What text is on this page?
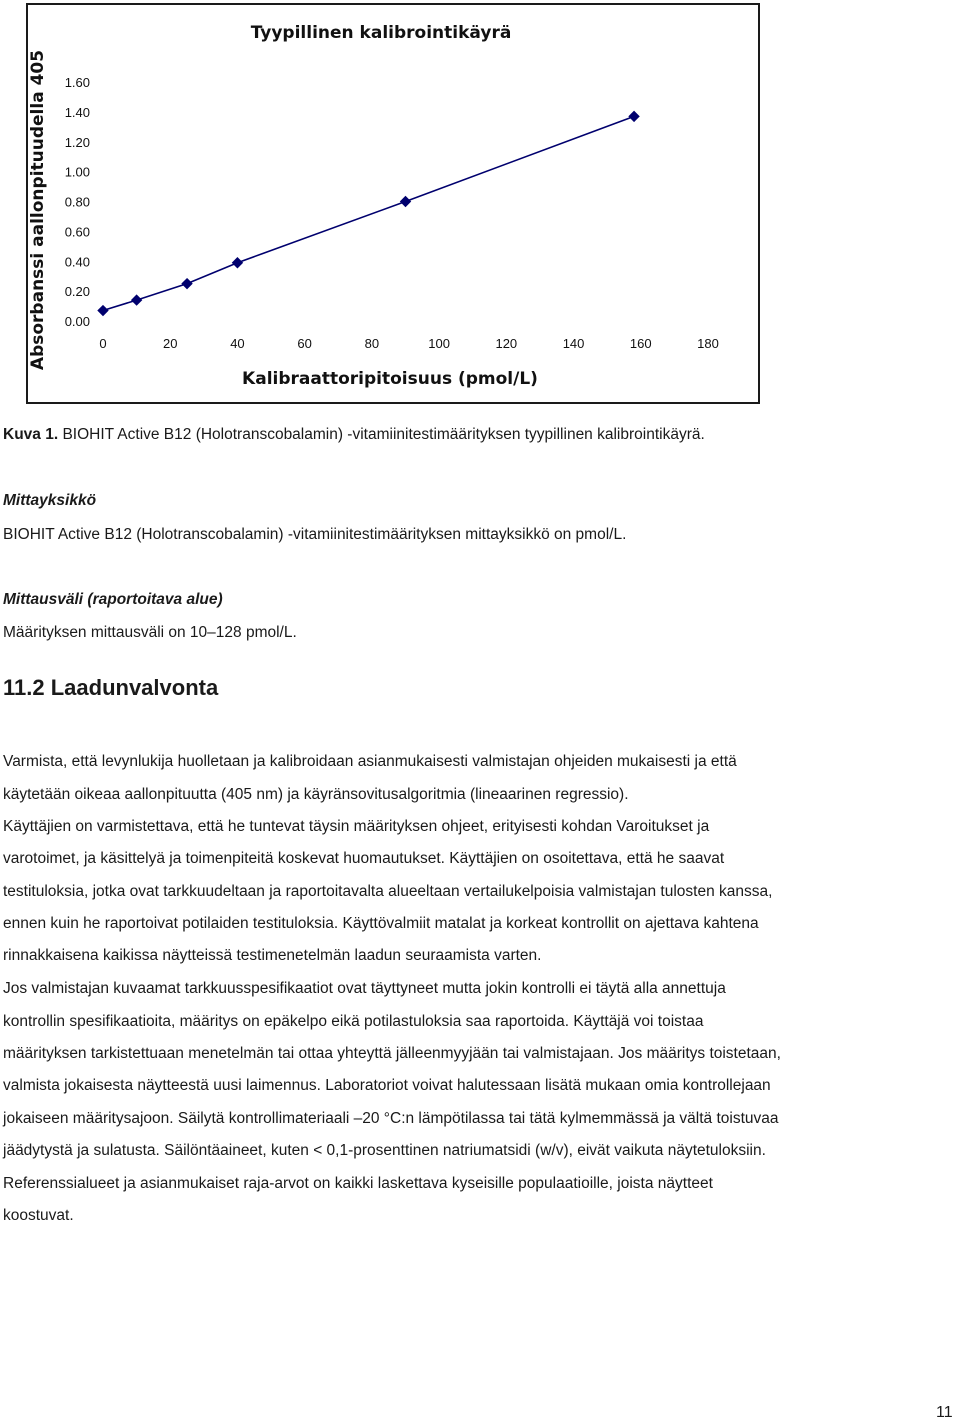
Tyypillinen kalibrointikäyrä
Absorbanssi aallonpituudella 405
Kalibraattoripitoisuus (pmol/L)
0.00
0.20
0.40
0.60
0.80
1.00
1.20
1.40
1.60
0	20	40	60	80	100	120	140	160	180
Kuva 1. BIOHIT Active B12 (Holotranscobalamin) -vitamiinitestimäärityksen tyypillinen kalibrointikäyrä.
Mittayksikkö
BIOHIT Active B12 (Holotranscobalamin) -vitamiinitestimäärityksen mittayksikkö on pmol/L.
Mittausväli (raportoitava alue)
Määrityksen mittausväli on 10–128 pmol/L.
11.2 Laadunvalvonta
Varmista, että levynlukija huolletaan ja kalibroidaan asianmukaisesti valmistajan ohjeiden mukaisesti ja että
käytetään oikeaa aallonpituutta (405 nm) ja käyränsovitusalgoritmia (lineaarinen regressio).
Käyttäjien on varmistettava, että he tuntevat täysin määrityksen ohjeet, erityisesti kohdan Varoitukset ja
varotoimet, ja käsittelyä ja toimenpiteitä koskevat huomautukset. Käyttäjien on osoitettava, että he saavat
testituloksia, jotka ovat tarkkuudeltaan ja raportoitavalta alueeltaan vertailukelpoisia valmistajan tulosten kanssa,
ennen kuin he raportoivat potilaiden testituloksia. Käyttövalmiit matalat ja korkeat kontrollit on ajettava kahtena
rinnakkaisena kaikissa näytteissä testimenetelmän laadun seuraamista varten.
Jos valmistajan kuvaamat tarkkuusspesifikaatiot ovat täyttyneet mutta jokin kontrolli ei täytä alla annettuja
kontrollin spesifikaatioita, määritys on epäkelpo eikä potilastuloksia saa raportoida. Käyttäjä voi toistaa
määrityksen tarkistettuaan menetelmän tai ottaa yhteyttä jälleenmyyjään tai valmistajaan. Jos määritys toistetaan,
valmista jokaisesta näytteestä uusi laimennus. Laboratoriot voivat halutessaan lisätä mukaan omia kontrollejaan
jokaiseen määritysajoon. Säilytä kontrollimateriaali –20 °C:n lämpötilassa tai tätä kylmemmässä ja vältä toistuvaa
jäädytystä ja sulatusta. Säilöntäaineet, kuten < 0,1-prosenttinen natriumatsidi (w/v), eivät vaikuta näytetuloksiin.
Referenssialueet ja asianmukaiset raja-arvot on kaikki laskettava kyseisille populaatioille, joista näytteet
koostuvat.
11
